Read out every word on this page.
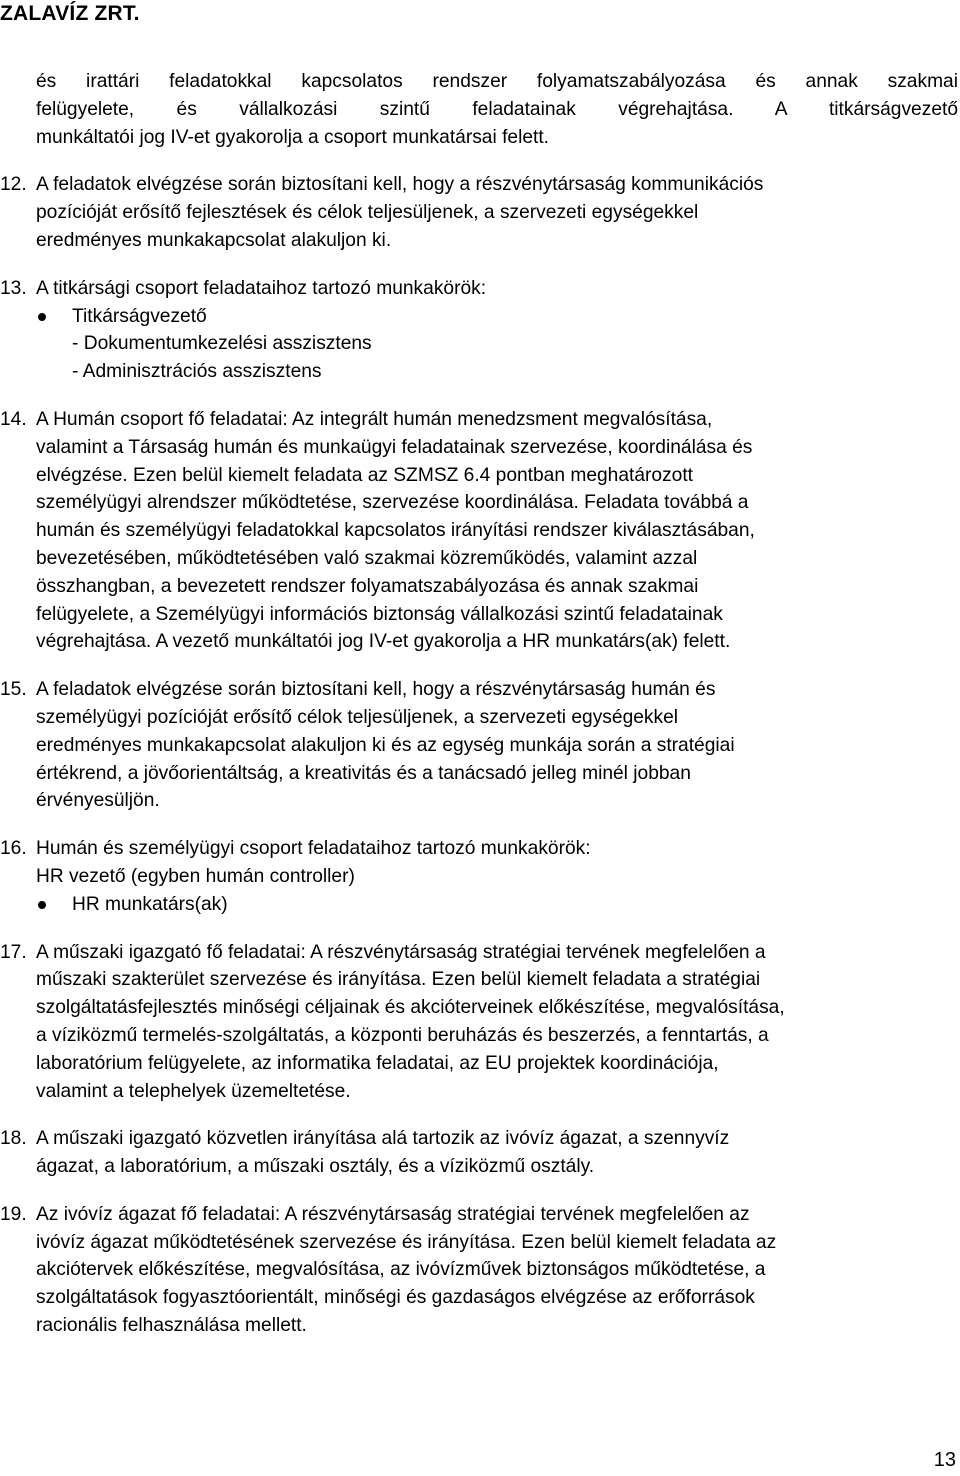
ZALAVÍZ ZRT.

és irattári feladatokkal kapcsolatos rendszer folyamatszabályozása és annak szakmai

felügyelete, és vállalkozási szintű feladatainak végrehajtása. A titkárságvezető

munkáltatói jog IV-et gyakorolja a csoport munkatársai felett.

12. A feladatok elvégzése során biztosítani kell, hogy a részvénytársaság kommunikációs

pozícióját erősítő fejlesztések és célok teljesüljenek, a szervezeti egységekkel

eredményes munkakapcsolat alakuljon ki.

13. A titkársági csoport feladataihoz tartozó munkakörök:

Titkárságvezető

- Dokumentumkezelési asszisztens

- Adminisztrációs asszisztens

14. A Humán csoport fő feladatai: Az integrált humán menedzsment megvalósítása,

valamint a Társaság humán és munkaügyi feladatainak szervezése, koordinálása és

elvégzése. Ezen belül kiemelt feladata az SZMSZ 6.4 pontban meghatározott

személyügyi alrendszer működtetése, szervezése koordinálása. Feladata továbbá a

humán és személyügyi feladatokkal kapcsolatos irányítási rendszer kiválasztásában,

bevezetésében, működtetésében való szakmai közreműködés, valamint azzal

összhangban, a bevezetett rendszer folyamatszabályozása és annak szakmai

felügyelete, a Személyügyi információs biztonság vállalkozási szintű feladatainak

végrehajtása. A vezető munkáltatói jog IV-et gyakorolja a HR munkatárs(ak) felett.

15. A feladatok elvégzése során biztosítani kell, hogy a részvénytársaság humán és

személyügyi pozícióját erősítő célok teljesüljenek, a szervezeti egységekkel

eredményes munkakapcsolat alakuljon ki és az egység munkája során a stratégiai

értékrend, a jövőorientáltság, a kreativitás és a tanácsadó jelleg minél jobban

érvényesüljön.

16. Humán és személyügyi csoport feladataihoz tartozó munkakörök:

HR vezető (egyben humán controller)

HR munkatárs(ak)

17. A műszaki igazgató fő feladatai: A részvénytársaság stratégiai tervének megfelelően a

műszaki szakterület szervezése és irányítása. Ezen belül kiemelt feladata a stratégiai

szolgáltatásfejlesztés minőségi céljainak és akcióterveinek előkészítése, megvalósítása,

a víziközmű termelés-szolgáltatás, a központi beruházás és beszerzés, a fenntartás, a

laboratórium felügyelete, az informatika feladatai, az EU projektek koordinációja,

valamint a telephelyek üzemeltetése.

18. A műszaki igazgató közvetlen irányítása alá tartozik az ivóvíz ágazat, a szennyvíz

ágazat, a laboratórium, a műszaki osztály, és a víziközmű osztály.

19. Az ivóvíz ágazat fő feladatai: A részvénytársaság stratégiai tervének megfelelően az

ivóvíz ágazat működtetésének szervezése és irányítása. Ezen belül kiemelt feladata az

akciótervek előkészítése, megvalósítása, az ivóvízművek biztonságos működtetése, a

szolgáltatások fogyasztóorientált, minőségi és gazdaságos elvégzése az erőforrások

racionális felhasználása mellett.

13
